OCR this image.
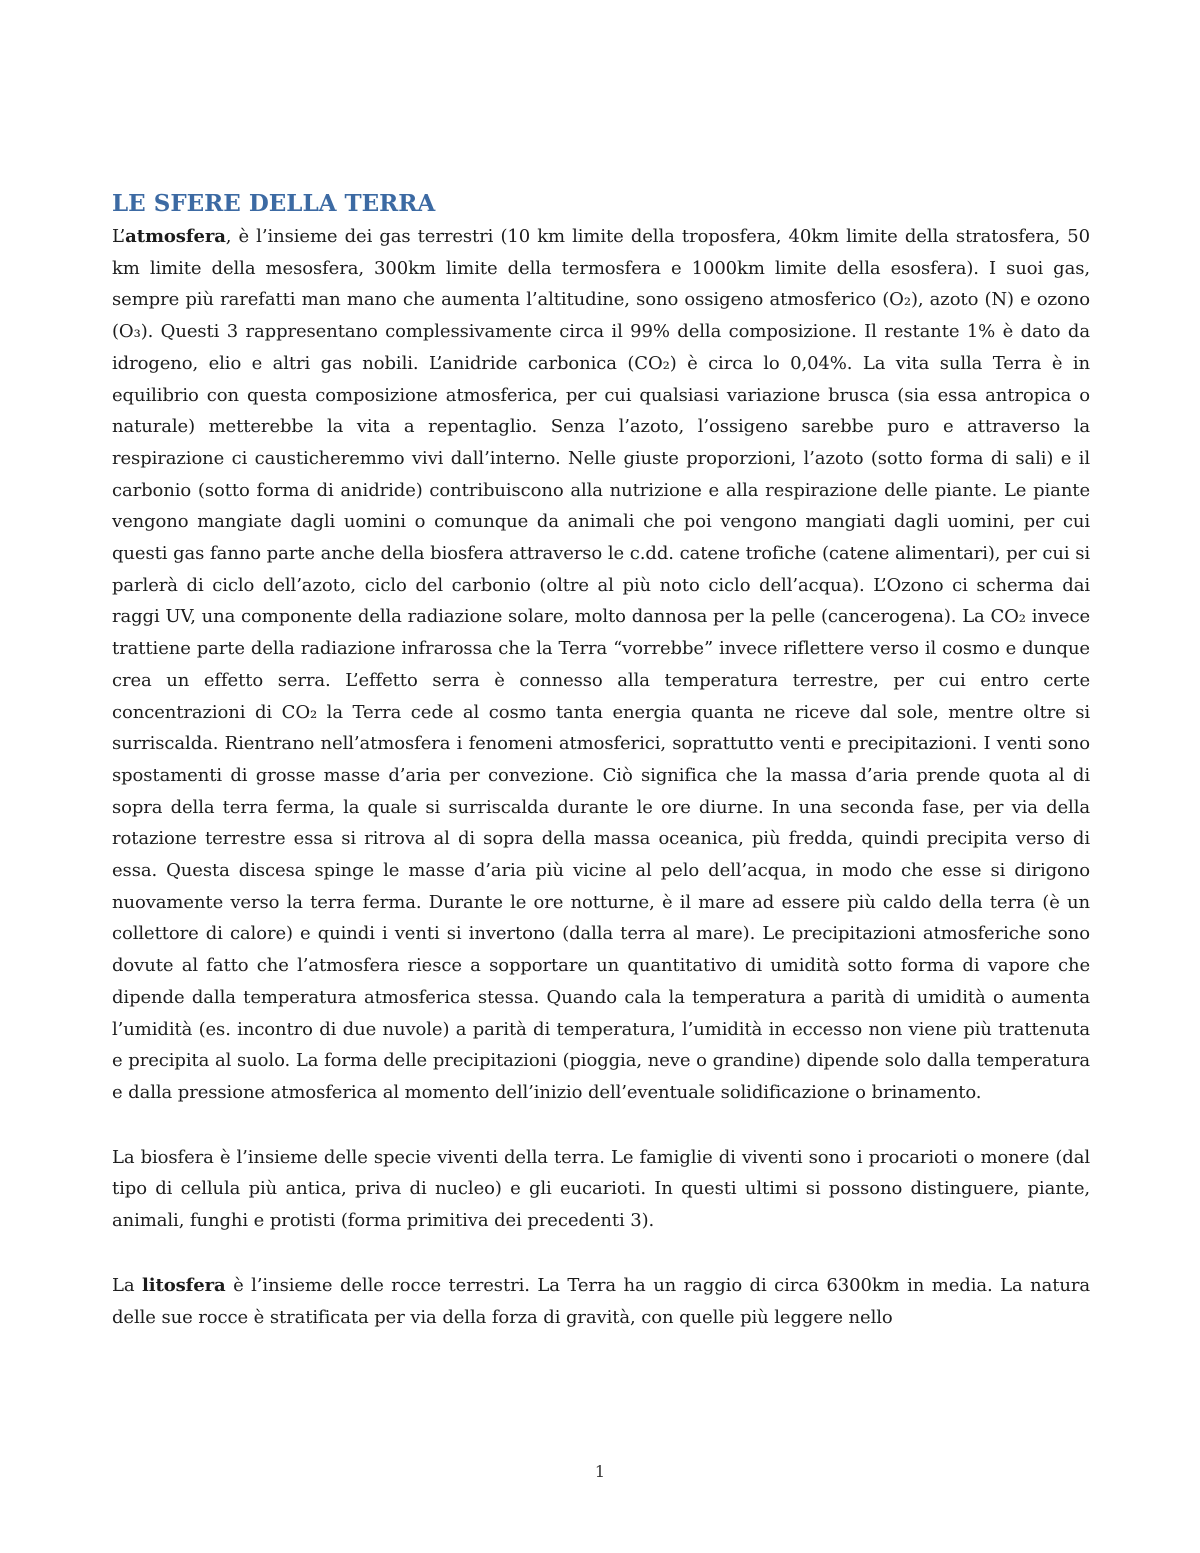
LE SFERE DELLA TERRA

L’atmosfera, è l’insieme dei gas terrestri (10 km limite della troposfera, 40km limite della stratosfera, 50 km limite della mesosfera, 300km limite della termosfera e 1000km limite della esosfera). I suoi gas, sempre più rarefatti man mano che aumenta l’altitudine, sono ossigeno atmosferico (O₂), azoto (N) e ozono (O₃). Questi 3 rappresentano complessivamente circa il 99% della composizione. Il restante 1% è dato da idrogeno, elio e altri gas nobili. L’anidride carbonica (CO₂) è circa lo 0,04%. La vita sulla Terra è in equilibrio con questa composizione atmosferica, per cui qualsiasi variazione brusca (sia essa antropica o naturale) metterebbe la vita a repentaglio. Senza l’azoto, l’ossigeno sarebbe puro e attraverso la respirazione ci causticheremmo vivi dall’interno. Nelle giuste proporzioni, l’azoto (sotto forma di sali) e il carbonio (sotto forma di anidride) contribuiscono alla nutrizione e alla respirazione delle piante. Le piante vengono mangiate dagli uomini o comunque da animali che poi vengono mangiati dagli uomini, per cui questi gas fanno parte anche della biosfera attraverso le c.dd. catene trofiche (catene alimentari), per cui si parlerà di ciclo dell’azoto, ciclo del carbonio (oltre al più noto ciclo dell’acqua). L’Ozono ci scherma dai raggi UV, una componente della radiazione solare, molto dannosa per la pelle (cancerogena). La CO₂ invece trattiene parte della radiazione infrarossa che la Terra “vorrebbe” invece riflettere verso il cosmo e dunque crea un effetto serra. L’effetto serra è connesso alla temperatura terrestre, per cui entro certe concentrazioni di CO₂ la Terra cede al cosmo tanta energia quanta ne riceve dal sole, mentre oltre si surriscalda. Rientrano nell’atmosfera i fenomeni atmosferici, soprattutto venti e precipitazioni. I venti sono spostamenti di grosse masse d’aria per convezione. Ciò significa che la massa d’aria prende quota al di sopra della terra ferma, la quale si surriscalda durante le ore diurne. In una seconda fase, per via della rotazione terrestre essa si ritrova al di sopra della massa oceanica, più fredda, quindi precipita verso di essa. Questa discesa spinge le masse d’aria più vicine al pelo dell’acqua, in modo che esse si dirigono nuovamente verso la terra ferma. Durante le ore notturne, è il mare ad essere più caldo della terra (è un collettore di calore) e quindi i venti si invertono (dalla terra al mare). Le precipitazioni atmosferiche sono dovute al fatto che l’atmosfera riesce a sopportare un quantitativo di umidità sotto forma di vapore che dipende dalla temperatura atmosferica stessa. Quando cala la temperatura a parità di umidità o aumenta l’umidità (es. incontro di due nuvole) a parità di temperatura, l’umidità in eccesso non viene più trattenuta e precipita al suolo. La forma delle precipitazioni (pioggia, neve o grandine) dipende solo dalla temperatura e dalla pressione atmosferica al momento dell’inizio dell’eventuale solidificazione o brinamento.

La biosfera è l’insieme delle specie viventi della terra. Le famiglie di viventi sono i procarioti o monere (dal tipo di cellula più antica, priva di nucleo) e gli eucarioti. In questi ultimi si possono distinguere, piante, animali, funghi e protisti (forma primitiva dei precedenti 3).

La litosfera è l’insieme delle rocce terrestri. La Terra ha un raggio di circa 6300km in media. La natura delle sue rocce è stratificata per via della forza di gravità, con quelle più leggere nello

1
